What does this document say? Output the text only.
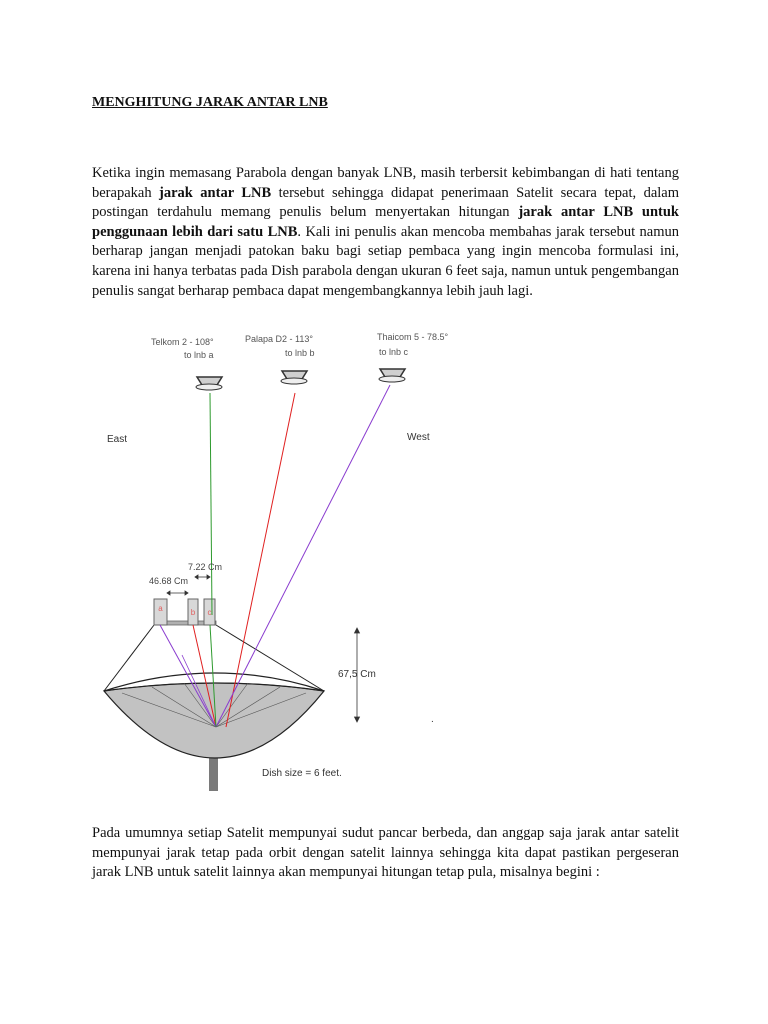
MENGHITUNG JARAK ANTAR LNB

Ketika ingin memasang Parabola dengan banyak LNB, masih terbersit kebimbangan di hati tentang berapakah jarak antar LNB tersebut sehingga didapat penerimaan Satelit secara tepat, dalam postingan terdahulu memang penulis belum menyertakan hitungan jarak antar LNB untuk penggunaan lebih dari satu LNB. Kali ini penulis akan mencoba membahas jarak tersebut namun berharap jangan menjadi patokan baku bagi setiap pembaca yang ingin mencoba formulasi ini, karena ini hanya terbatas pada Dish parabola dengan ukuran 6 feet saja, namun untuk pengembangan penulis sangat berharap pembaca dapat mengembangkannya lebih jauh lagi.

a	b c
Telkom 2 - 108°
to lnb a
Palapa D2 - 113°
to lnb b
Thaicom 5 - 78.5°
to lnb c
East	West
7.22 Cm
46.68 Cm
67,5 Cm
.
Dish size = 6 feet.

Pada umumnya setiap Satelit mempunyai sudut pancar berbeda, dan anggap saja jarak antar satelit mempunyai jarak tetap pada orbit dengan satelit lainnya sehingga kita dapat pastikan pergeseran jarak LNB untuk satelit lainnya akan mempunyai hitungan tetap pula, misalnya begini :
